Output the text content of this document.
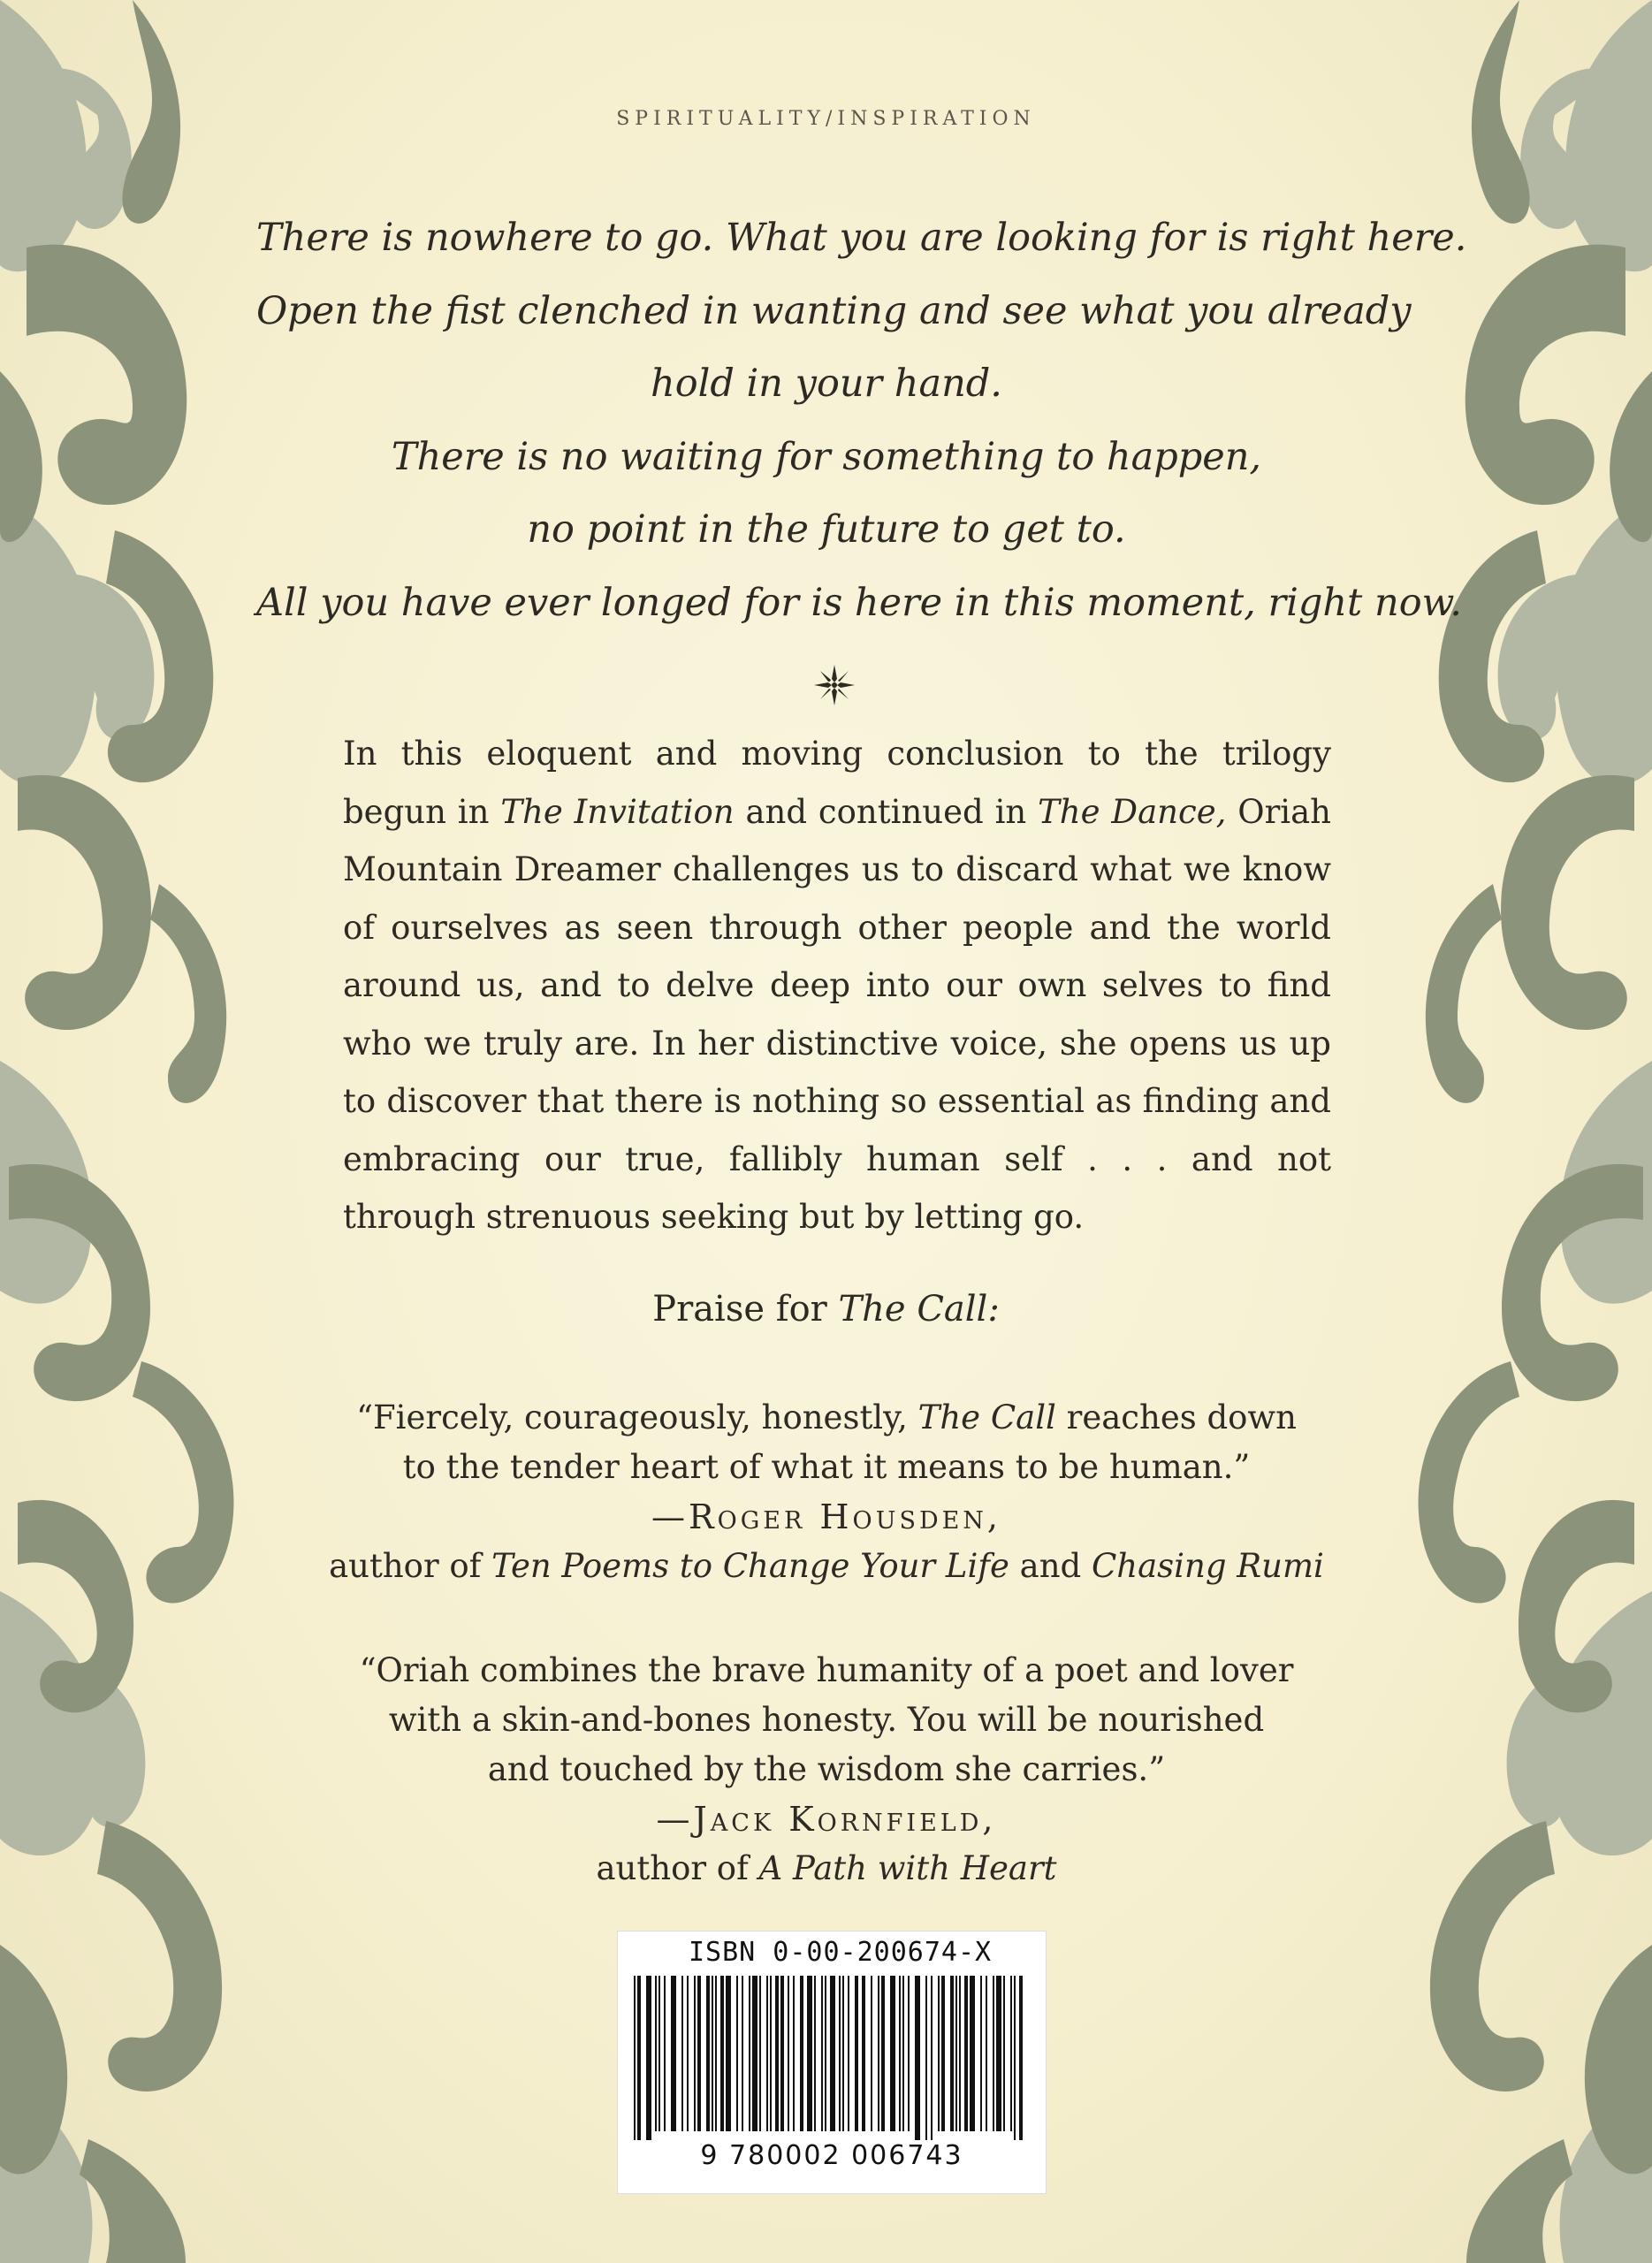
SPIRITUALITY/INSPIRATION
There is nowhere to go. What you are looking for is right here.
Open the fist clenched in wanting and see what you already
hold in your hand.
There is no waiting for something to happen,
no point in the future to get to.
All you have ever longed for is here in this moment, right now.
In this eloquent and moving conclusion to the trilogy
begun in The Invitation and continued in The Dance, Oriah
Mountain Dreamer challenges us to discard what we know
of ourselves as seen through other people and the world
around us, and to delve deep into our own selves to find
who we truly are. In her distinctive voice, she opens us up
to discover that there is nothing so essential as finding and
embracing our true, fallibly human self . . . and not
through strenuous seeking but by letting go.
Praise for The Call:
“Fiercely, courageously, honestly, The Call reaches down
to the tender heart of what it means to be human.”
—Roger Housden,
author of Ten Poems to Change Your Life and Chasing Rumi
“Oriah combines the brave humanity of a poet and lover
with a skin-and-bones honesty. You will be nourished
and touched by the wisdom she carries.”
—Jack Kornfield,
author of A Path with Heart
ISBN 0-00-200674-X
9 780002 006743
